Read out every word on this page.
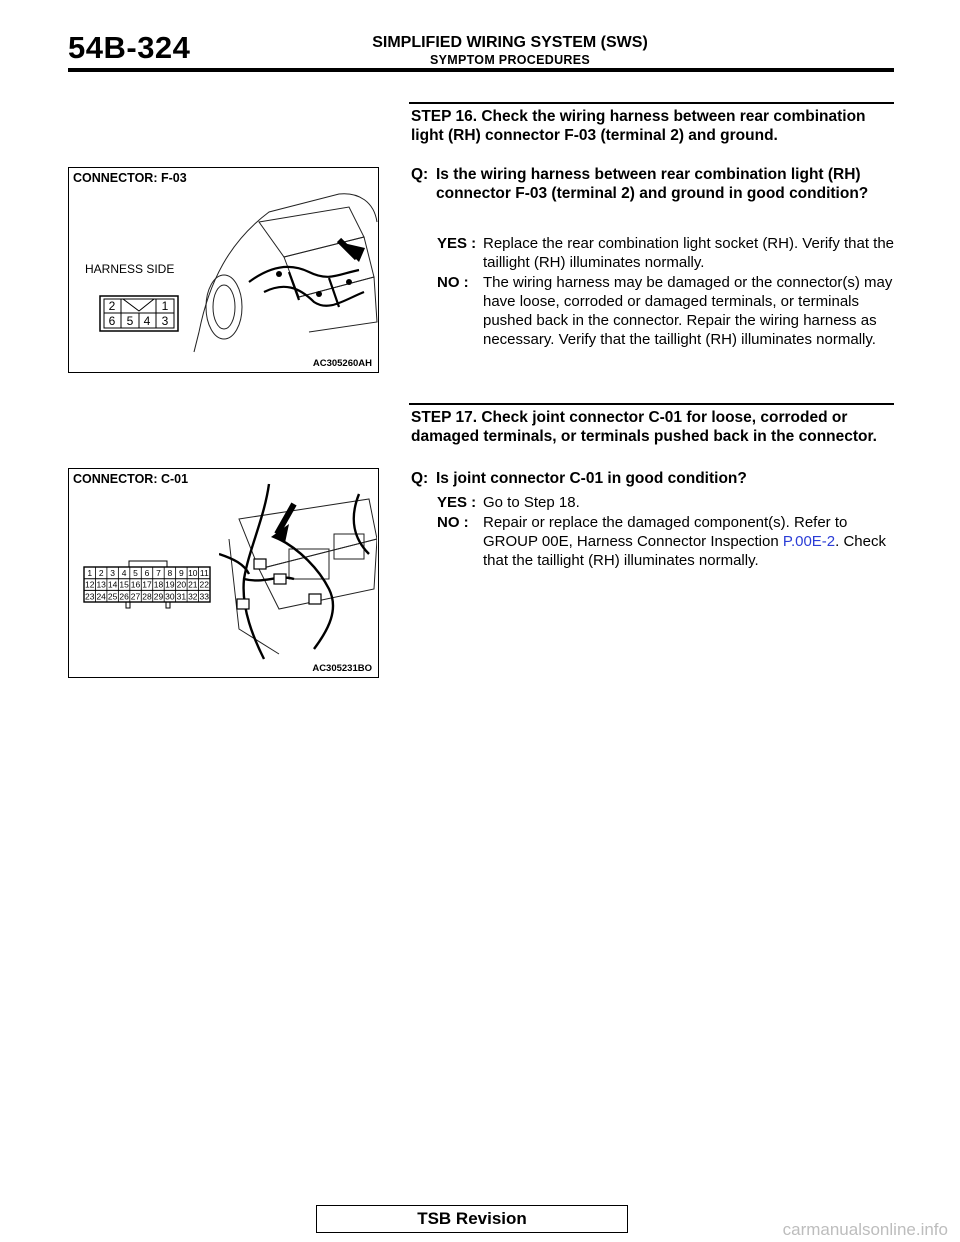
54B-324	SIMPLIFIED WIRING SYSTEM (SWS)
SYMPTOM PROCEDURES
STEP 16. Check the wiring harness between rear combination light (RH) connector F-03 (terminal 2) and ground.
Q: Is the wiring harness between rear combination light (RH) connector F-03 (terminal 2) and ground in good condition?
YES : Replace the rear combination light socket (RH). Verify that the taillight (RH) illuminates normally.
NO : The wiring harness may be damaged or the connector(s) may have loose, corroded or damaged terminals, or terminals pushed back in the connector. Repair the wiring harness as necessary. Verify that the taillight (RH) illuminates normally.
CONNECTOR: F-03
HARNESS SIDE
2	1
6 5 4 3
AC305260AH
STEP 17. Check joint connector C-01 for loose, corroded or damaged terminals, or terminals pushed back in the connector.
Q: Is joint connector C-01 in good condition?
YES : Go to Step 18.
NO : Repair or replace the damaged component(s). Refer to GROUP 00E, Harness Connector Inspection P.00E-2. Check that the taillight (RH) illuminates normally.
CONNECTOR: C-01
1 2 3 4 5 6 7 8 9 10 11
12 13 14 15 16 17 18 19 20 21 22
23 24 25 26 27 28 29 30 31 32 33
AC305231BO
TSB Revision
carmanualsonline.info
